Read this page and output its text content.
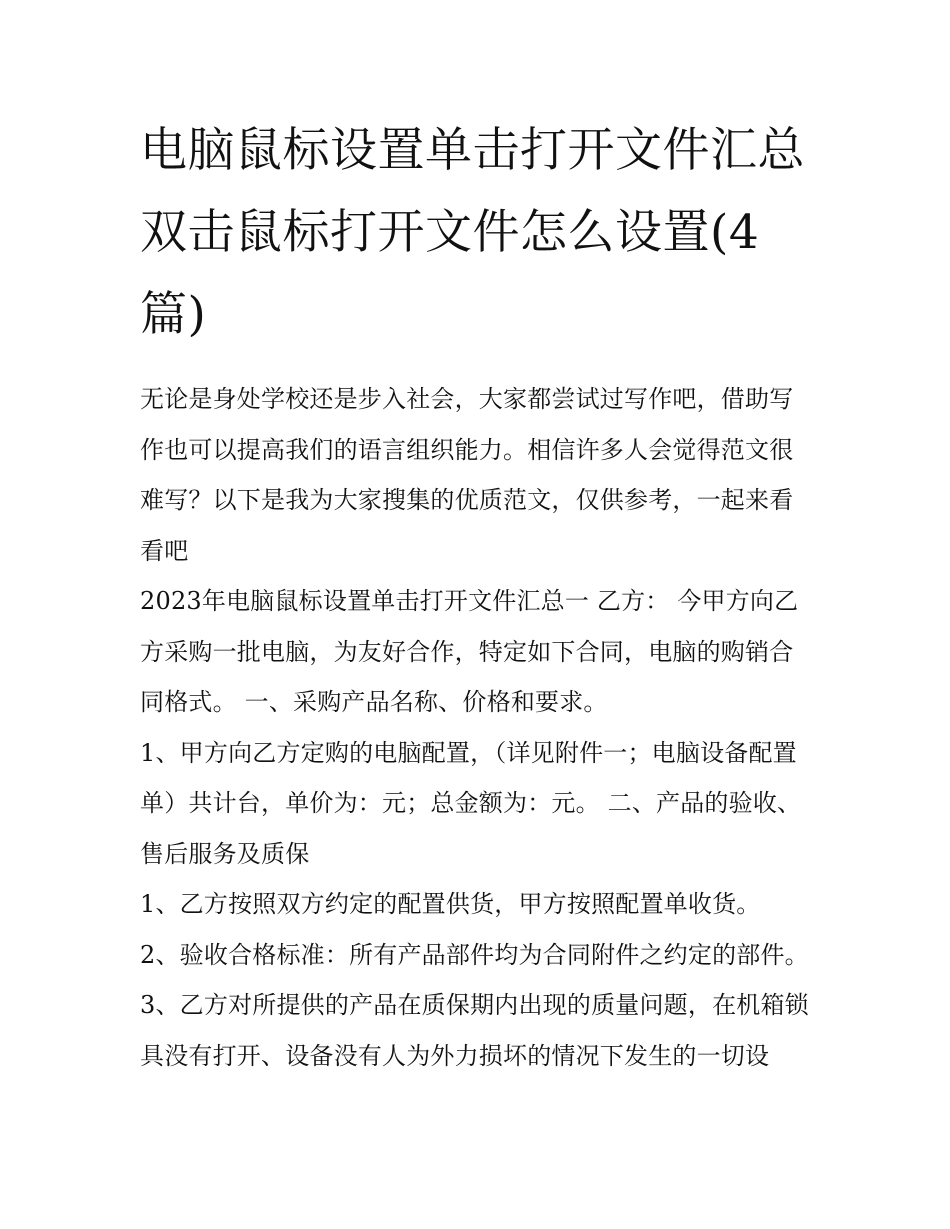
电脑鼠标设置单击打开文件汇总 双击鼠标打开文件怎么设置(4篇)

无论是身处学校还是步入社会，大家都尝试过写作吧，借助写作也可以提高我们的语言组织能力。相信许多人会觉得范文很难写？以下是我为大家搜集的优质范文，仅供参考，一起来看看吧

2023年电脑鼠标设置单击打开文件汇总一 乙方： 今甲方向乙方采购一批电脑，为友好合作，特定如下合同，电脑的购销合同格式。 一、采购产品名称、价格和要求。

1、甲方向乙方定购的电脑配置，（详见附件一；电脑设备配置单）共计台，单价为：元；总金额为：元。 二、产品的验收、售后服务及质保

1、乙方按照双方约定的配置供货，甲方按照配置单收货。

2、验收合格标准：所有产品部件均为合同附件之约定的部件。

3、乙方对所提供的产品在质保期内出现的质量问题，在机箱锁具没有打开、设备没有人为外力损坏的情况下发生的一切设
